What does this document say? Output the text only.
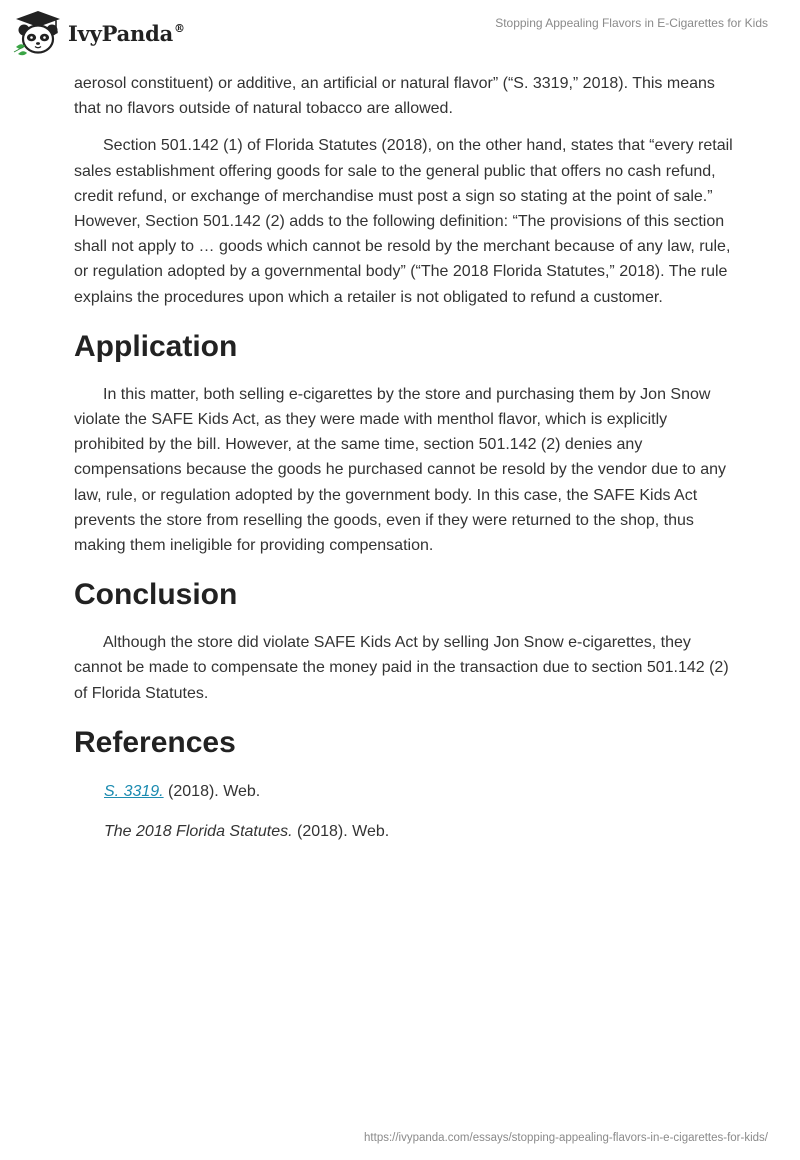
IvyPanda®	Stopping Appealing Flavors in E-Cigarettes for Kids

aerosol constituent) or additive, an artificial or natural flavor” (“S. 3319,” 2018). This means that no flavors outside of natural tobacco are allowed.

Section 501.142 (1) of Florida Statutes (2018), on the other hand, states that “every retail sales establishment offering goods for sale to the general public that offers no cash refund, credit refund, or exchange of merchandise must post a sign so stating at the point of sale.” However, Section 501.142 (2) adds to the following definition: “The provisions of this section shall not apply to … goods which cannot be resold by the merchant because of any law, rule, or regulation adopted by a governmental body” (“The 2018 Florida Statutes,” 2018). The rule explains the procedures upon which a retailer is not obligated to refund a customer.

Application

In this matter, both selling e-cigarettes by the store and purchasing them by Jon Snow violate the SAFE Kids Act, as they were made with menthol flavor, which is explicitly prohibited by the bill. However, at the same time, section 501.142 (2) denies any compensations because the goods he purchased cannot be resold by the vendor due to any law, rule, or regulation adopted by the government body. In this case, the SAFE Kids Act prevents the store from reselling the goods, even if they were returned to the shop, thus making them ineligible for providing compensation.

Conclusion

Although the store did violate SAFE Kids Act by selling Jon Snow e-cigarettes, they cannot be made to compensate the money paid in the transaction due to section 501.142 (2) of Florida Statutes.

References
S. 3319. (2018). Web.
The 2018 Florida Statutes. (2018). Web.
https://ivypanda.com/essays/stopping-appealing-flavors-in-e-cigarettes-for-kids/
